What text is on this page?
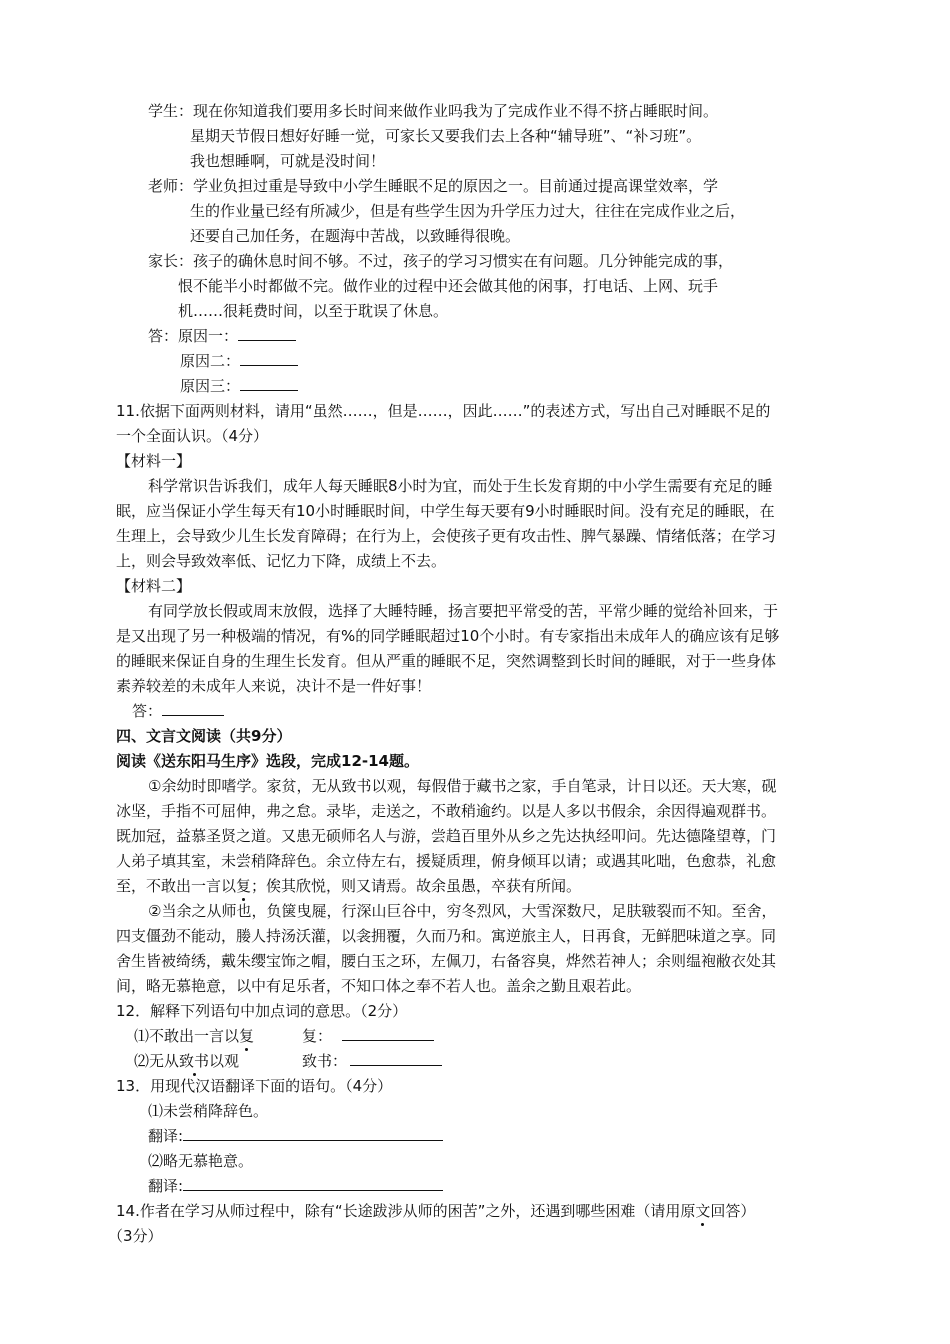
学生：现在你知道我们要用多长时间来做作业吗我为了完成作业不得不挤占睡眠时间。
星期天节假日想好好睡一觉，可家长又要我们去上各种“辅导班”、“补习班”。
我也想睡啊，可就是没时间！
老师：学业负担过重是导致中小学生睡眠不足的原因之一。目前通过提高课堂效率，学
生的作业量已经有所减少，但是有些学生因为升学压力过大，往往在完成作业之后，
还要自己加任务，在题海中苦战，以致睡得很晚。
家长：孩子的确休息时间不够。不过，孩子的学习习惯实在有问题。几分钟能完成的事，
恨不能半小时都做不完。做作业的过程中还会做其他的闲事，打电话、上网、玩手
机……很耗费时间，以至于耽误了休息。
答：原因一：
原因二：
原因三：
11.依据下面两则材料，请用“虽然……，但是……，因此……”的表述方式，写出自己对睡眠不足的
一个全面认识。（4分）
【材料一】
科学常识告诉我们，成年人每天睡眠8小时为宜，而处于生长发育期的中小学生需要有充足的睡
眠，应当保证小学生每天有10小时睡眠时间，中学生每天要有9小时睡眠时间。没有充足的睡眠，在
生理上，会导致少儿生长发育障碍；在行为上，会使孩子更有攻击性、脾气暴躁、情绪低落；在学习
上，则会导致效率低、记忆力下降，成绩上不去。
【材料二】
有同学放长假或周末放假，选择了大睡特睡，扬言要把平常受的苦，平常少睡的觉给补回来，于
是又出现了另一种极端的情况，有%的同学睡眠超过10个小时。有专家指出未成年人的确应该有足够
的睡眠来保证自身的生理生长发育。但从严重的睡眠不足，突然调整到长时间的睡眠，对于一些身体
素养较差的未成年人来说，决计不是一件好事！
答：
四、文言文阅读（共9分）
阅读《送东阳马生序》选段，完成12-14题。
①余幼时即嗜学。家贫，无从致书以观，每假借于藏书之家，手自笔录，计日以还。天大寒，砚
冰坚，手指不可屈伸，弗之怠。录毕，走送之，不敢稍逾约。以是人多以书假余，余因得遍观群书。
既加冠，益慕圣贤之道。又患无硕师名人与游，尝趋百里外从乡之先达执经叩问。先达德隆望尊，门
人弟子填其室，未尝稍降辞色。余立侍左右，援疑质理，俯身倾耳以请；或遇其叱咄，色愈恭，礼愈
至，不敢出一言以复；俟其欣悦，则又请焉。故余虽愚，卒获有所闻。
②当余之从师也，负箧曳屣，行深山巨谷中，穷冬烈风，大雪深数尺，足肤皲裂而不知。至舍，
四支僵劲不能动，媵人持汤沃灌，以衾拥覆，久而乃和。寓逆旅主人，日再食，无鲜肥味道之享。同
舍生皆被绮绣，戴朱缨宝饰之帽，腰白玉之环，左佩刀，右备容臭，烨然若神人；余则缊袍敝衣处其
间，略无慕艳意，以中有足乐者，不知口体之奉不若人也。盖余之勤且艰若此。
12．解释下列语句中加点词的意思。（2分）
⑴不敢出一言以复	复：
⑵无从致书以观	致书：
13．用现代汉语翻译下面的语句。（4分）
⑴未尝稍降辞色。
翻译:
⑵略无慕艳意。
翻译:
14.作者在学习从师过程中，除有“长途跋涉从师的困苦”之外，还遇到哪些困难（请用原文回答）
（3分）
